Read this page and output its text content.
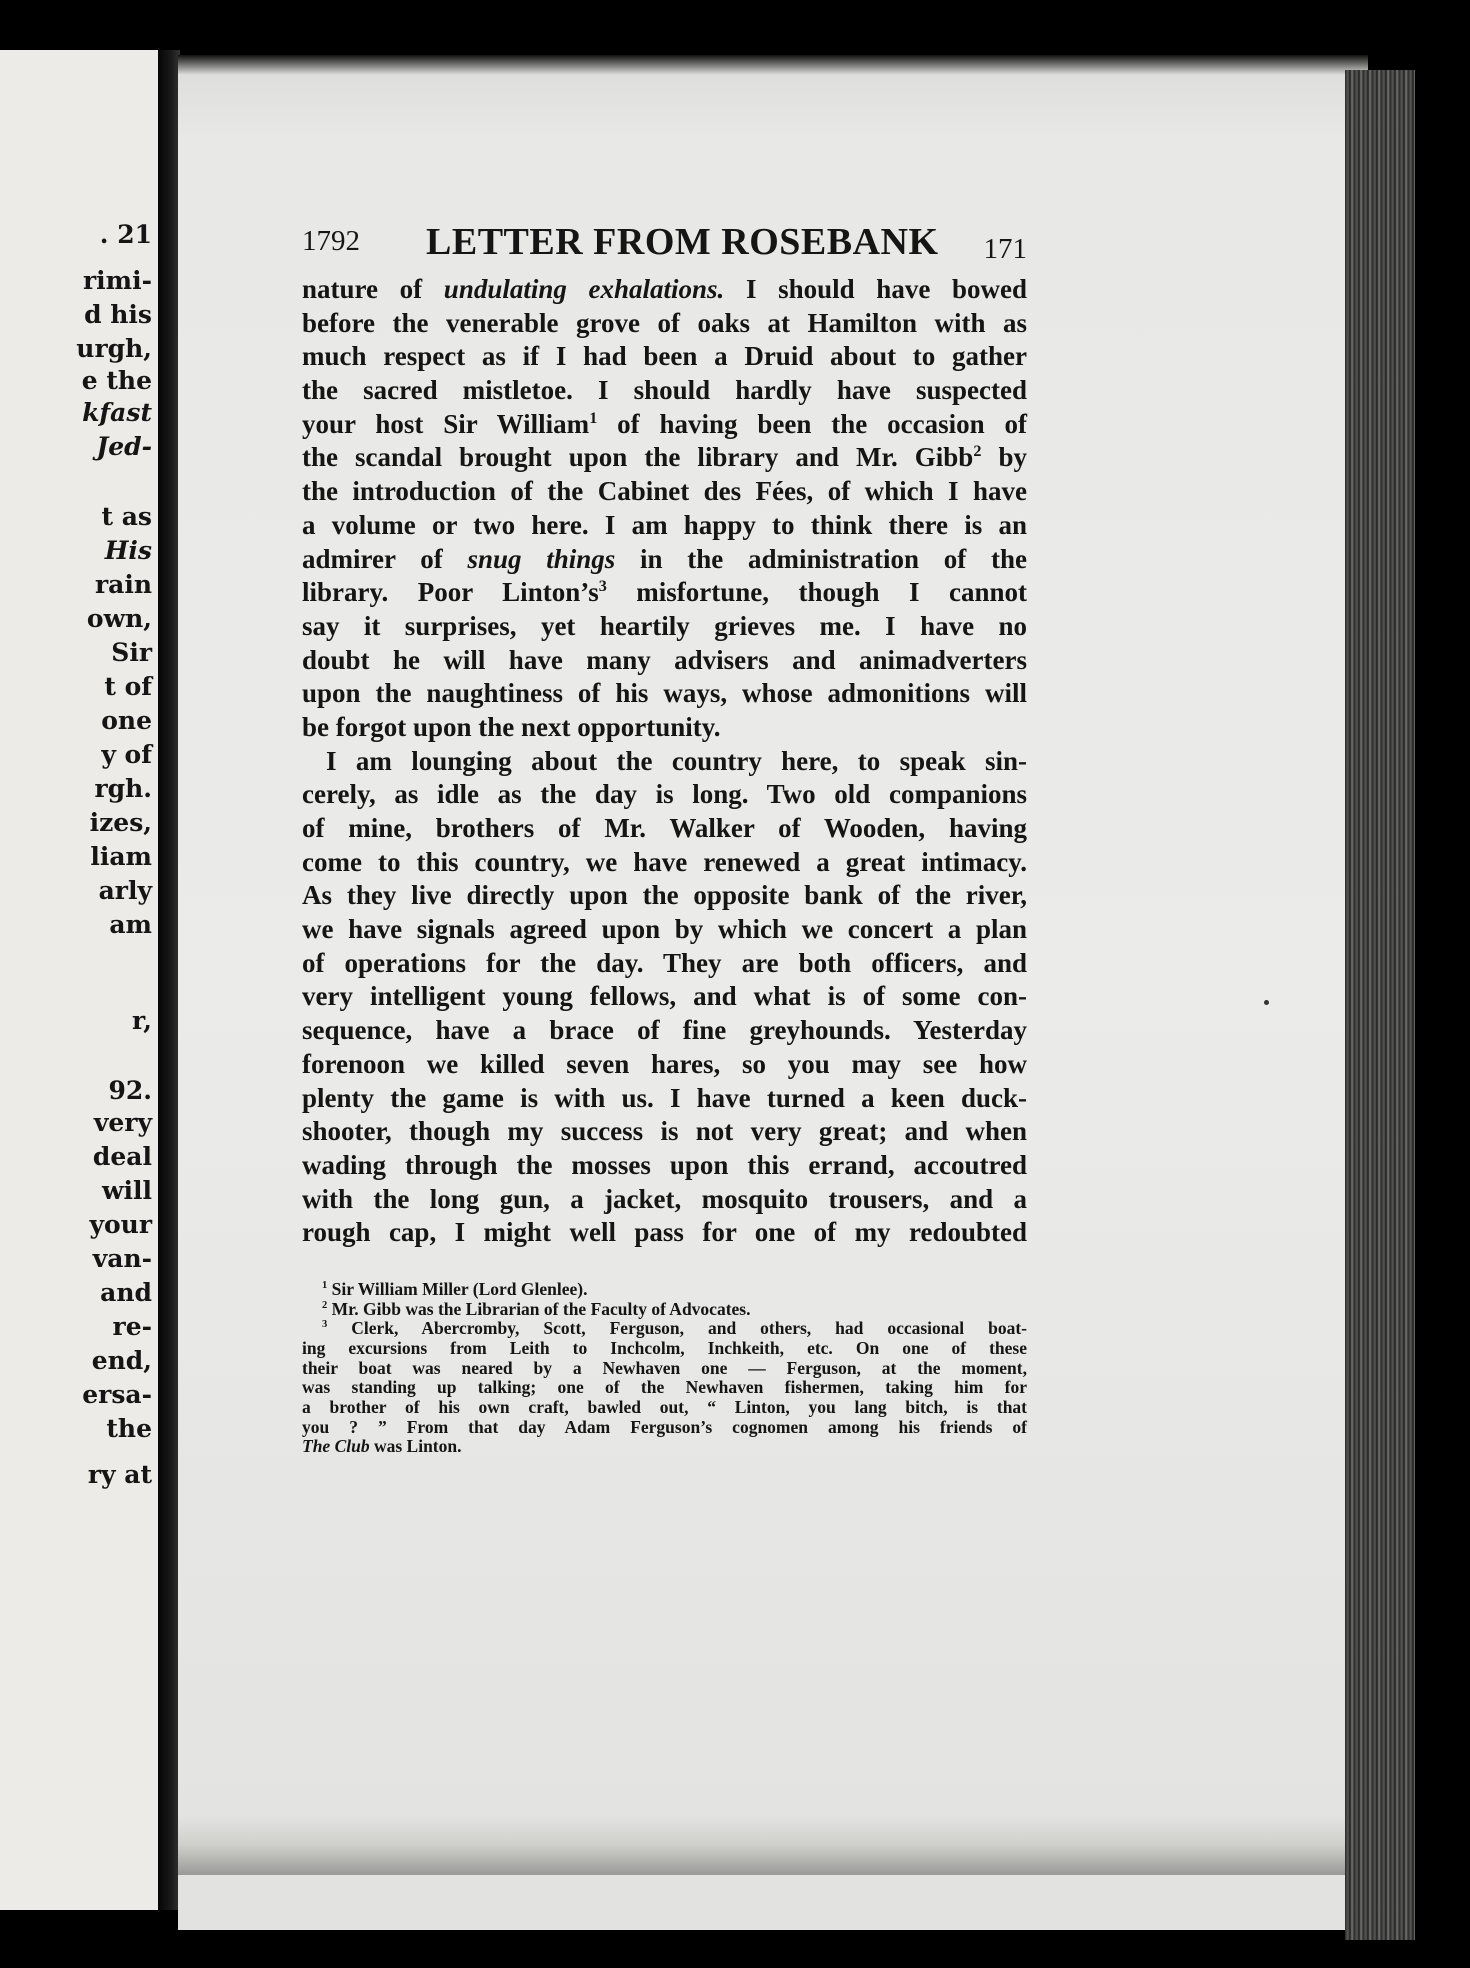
. 21
rimi-
d his
urgh,
e the
kfast
Jed-
t as
His
rain
own,
Sir
t of
one
y of
rgh.
izes,
liam
arly
am
r,
92.
very
deal
will
your
van-
and
re-
end,
ersa-
the
ry at
1792 LETTER FROM ROSEBANK 171
nature of undulating exhalations. I should have bowed
before the venerable grove of oaks at Hamilton with as
much respect as if I had been a Druid about to gather
the sacred mistletoe. I should hardly have suspected
your host Sir William$^1$ of having been the occasion of
the scandal brought upon the library and Mr. Gibb$^2$ by
the introduction of the Cabinet des Fées, of which I have
a volume or two here. I am happy to think there is an
admirer of snug things in the administration of the
library. Poor $Linton’s^3$ misfortune, though I cannot
say it surprises, yet heartily grieves me. I have no
doubt he will have many advisers and animadverters
upon the naughtiness of his ways, whose admonitions will
be forgot upon the next opportunity.
I am lounging about the country here, to speak sin-
cerely, as idle as the day is long. Two old companions
of mine, brothers of Mr. Walker of Wooden, having
come to this country, we have renewed a great intimacy.
As they live directly upon the opposite bank of the river,
we have signals agreed upon by which we concert a plan
of operations for the day. They are both officers, and
very intelligent young fellows, and what is of some con-
sequence, have a brace of fine greyhounds. Yesterday
forenoon we killed seven hares, so you may see how
plenty the game is with us. I have turned a keen duck-
shooter, though my success is not very great; and when
wading through the mosses upon this errand, accoutred
with the long gun, a jacket, mosquito trousers, and a
rough cap, I might well pass for one of my redoubted
$^1$ Sir William Miller (Lord Glenlee).
$^2$ Mr. Gibb was the Librarian of the Faculty of Advocates.
$^3$ Clerk, Abercromby, Scott, Ferguson, and others, had occasional boat-
ing excursions from Leith to Inchcolm, Inchkeith, etc. On one of these
their boat was neared by a Newhaven one — Ferguson, at the moment,
was standing up talking; one of the Newhaven fishermen, taking him for
a brother of his own craft, bawled out, “ Linton, you lang bitch, is that
you ? ” From that day Adam Ferguson’s cognomen among his friends of
The Club was Linton.
